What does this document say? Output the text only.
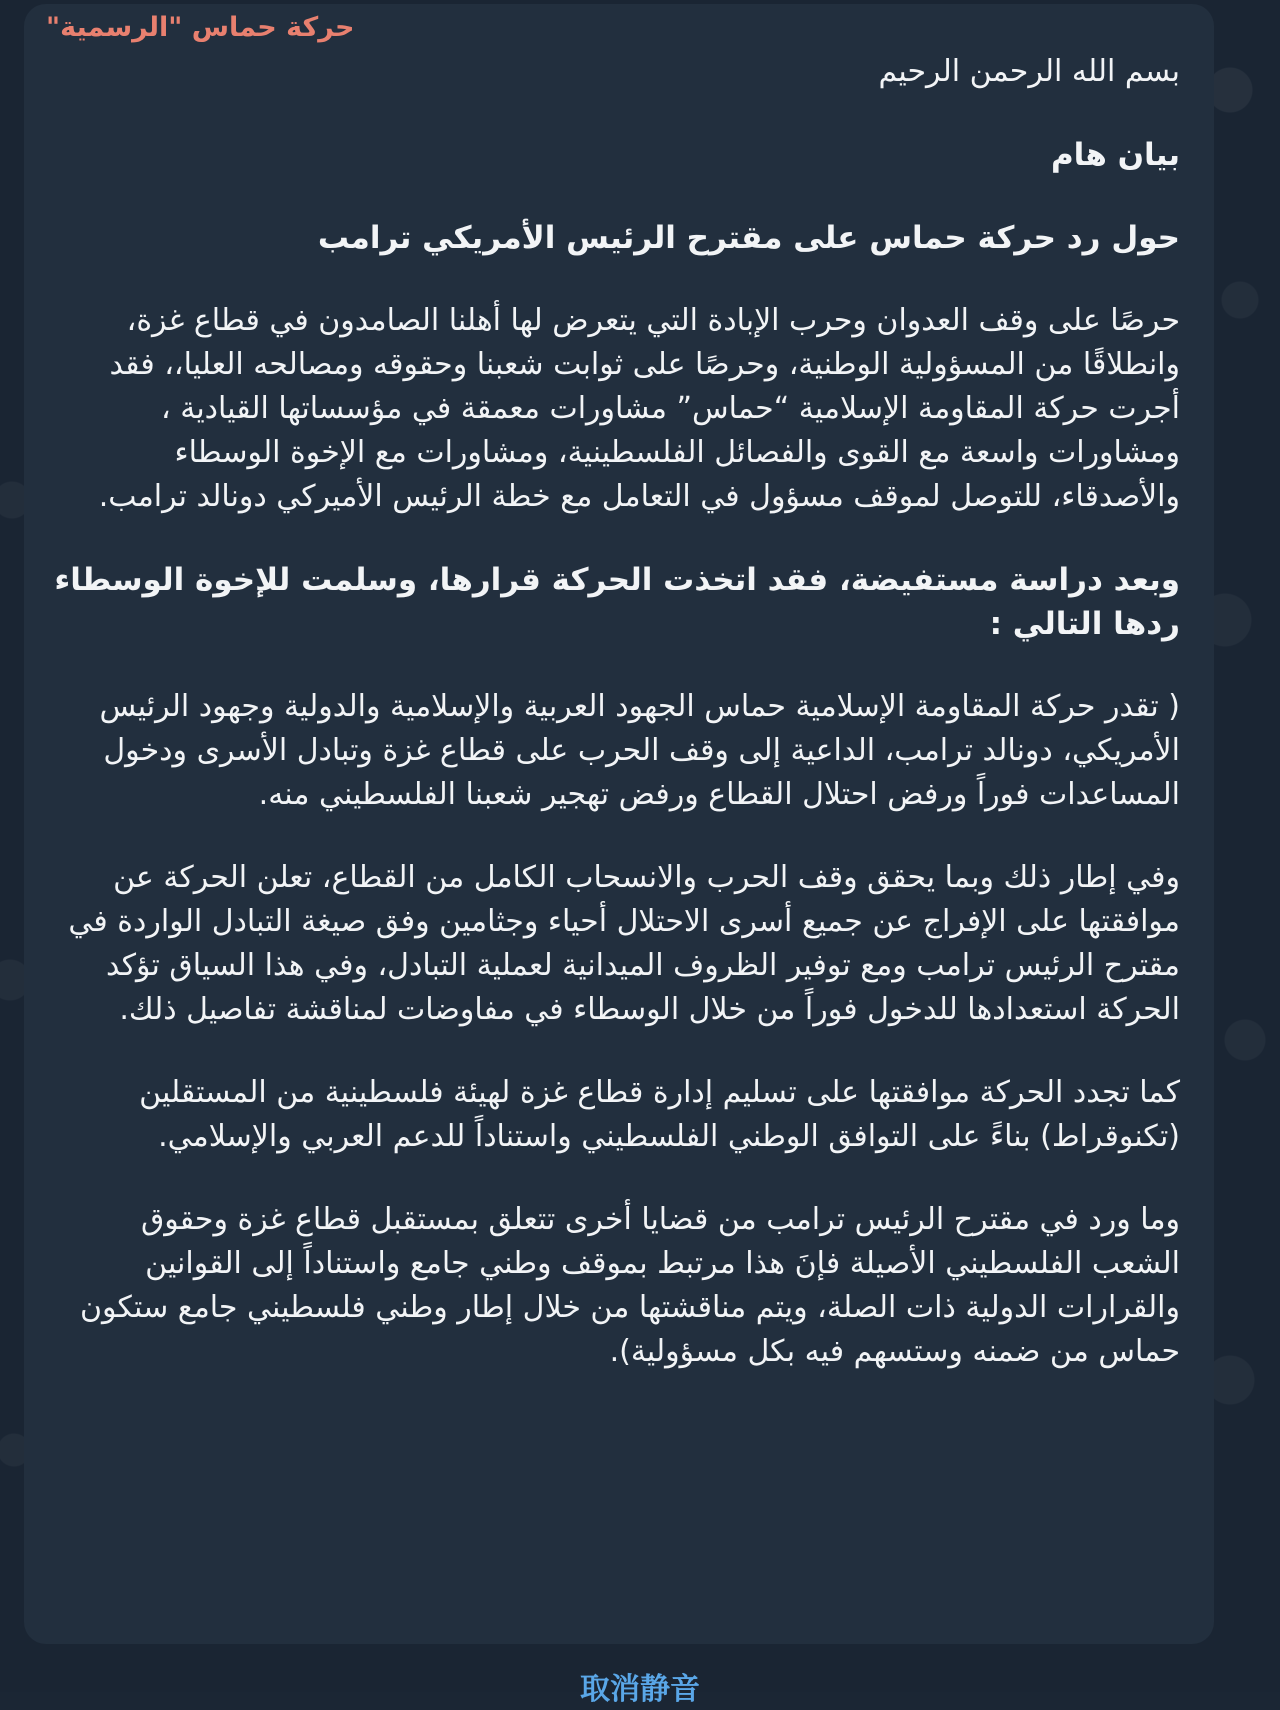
حركة حماس "الرسمية"

بسم الله الرحمن الرحيم

بيان هام

حول رد حركة حماس على مقترح الرئيس الأمريكي ترامب

حرصًا على وقف العدوان وحرب الإبادة التي يتعرض لها أهلنا الصامدون في قطاع غزة، وانطلاقًا من المسؤولية الوطنية، وحرصًا على ثوابت شعبنا وحقوقه ومصالحه العليا،، فقد أجرت حركة المقاومة الإسلامية “حماس” مشاورات معمقة في مؤسساتها القيادية ، ومشاورات واسعة مع القوى والفصائل الفلسطينية، ومشاورات مع الإخوة الوسطاء والأصدقاء، للتوصل لموقف مسؤول في التعامل مع خطة الرئيس الأميركي دونالد ترامب.

وبعد دراسة مستفيضة، فقد اتخذت الحركة قرارها، وسلمت للإخوة الوسطاء ردها التالي :

( تقدر حركة المقاومة الإسلامية حماس الجهود العربية والإسلامية والدولية وجهود الرئيس الأمريكي، دونالد ترامب، الداعية إلى وقف الحرب على قطاع غزة وتبادل الأسرى ودخول المساعدات فوراً ورفض احتلال القطاع ورفض تهجير شعبنا الفلسطيني منه.

وفي إطار ذلك وبما يحقق وقف الحرب والانسحاب الكامل من القطاع، تعلن الحركة عن موافقتها على الإفراج عن جميع أسرى الاحتلال أحياء وجثامين وفق صيغة التبادل الواردة في مقترح الرئيس ترامب ومع توفير الظروف الميدانية لعملية التبادل، وفي هذا السياق تؤكد الحركة استعدادها للدخول فوراً من خلال الوسطاء في مفاوضات لمناقشة تفاصيل ذلك.

كما تجدد الحركة موافقتها على تسليم إدارة قطاع غزة لهيئة فلسطينية من المستقلين (تكنوقراط) بناءً على التوافق الوطني الفلسطيني واستناداً للدعم العربي والإسلامي.

وما ورد في مقترح الرئيس ترامب من قضايا أخرى تتعلق بمستقبل قطاع غزة وحقوق الشعب الفلسطيني الأصيلة فإنَ هذا مرتبط بموقف وطني جامع واستناداً إلى القوانين والقرارات الدولية ذات الصلة، ويتم مناقشتها من خلال إطار وطني فلسطيني جامع ستكون حماس من ضمنه وستسهم فيه بكل مسؤولية).

取消静音
